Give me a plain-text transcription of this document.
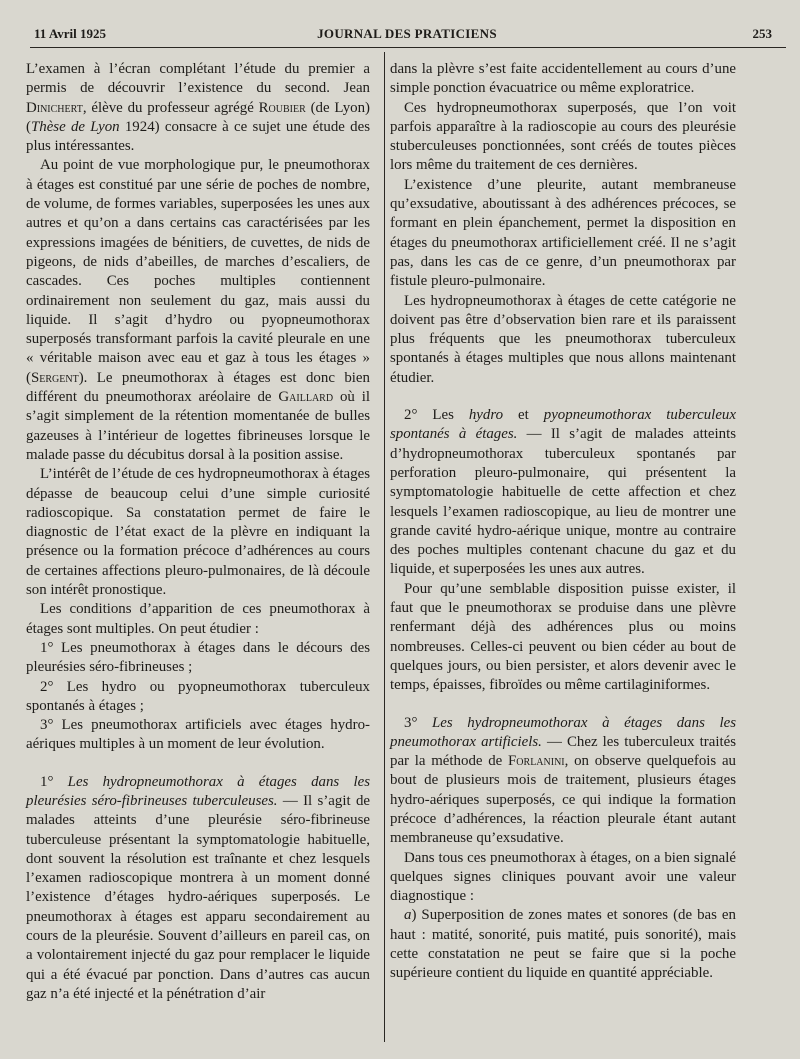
11 Avril 1925	JOURNAL DES PRATICIENS	253

L’examen à l’écran complétant l’étude du premier a permis de découvrir l’existence du second. Jean Dinichert, élève du professeur agrégé Roubier (de Lyon) (Thèse de Lyon 1924) consacre à ce sujet une étude des plus intéressantes.

Au point de vue morphologique pur, le pneumothorax à étages est constitué par une série de poches de nombre, de volume, de formes variables, superposées les unes aux autres et qu’on a dans certains cas caractérisées par les expressions imagées de bénitiers, de cuvettes, de nids de pigeons, de nids d’abeilles, de marches d’escaliers, de cascades. Ces poches multiples contiennent ordinairement non seulement du gaz, mais aussi du liquide. Il s’agit d’hydro ou pyopneumothorax superposés transformant parfois la cavité pleurale en une « véritable maison avec eau et gaz à tous les étages » (Sergent). Le pneumothorax à étages est donc bien différent du pneumothorax aréolaire de Gaillard où il s’agit simplement de la rétention momentanée de bulles gazeuses à l’intérieur de logettes fibrineuses lorsque le malade passe du décubitus dorsal à la position assise.

L’intérêt de l’étude de ces hydropneumothorax à étages dépasse de beaucoup celui d’une simple curiosité radioscopique. Sa constatation permet de faire le diagnostic de l’état exact de la plèvre en indiquant la présence ou la formation précoce d’adhérences au cours de certaines affections pleuro-pulmonaires, de là découle son intérêt pronostique.

Les conditions d’apparition de ces pneumothorax à étages sont multiples. On peut étudier :

1° Les pneumothorax à étages dans le décours des pleurésies séro-fibrineuses ;

2° Les hydro ou pyopneumothorax tuberculeux spontanés à étages ;

3° Les pneumothorax artificiels avec étages hydro-aériques multiples à un moment de leur évolution.

1° Les hydropneumothorax à étages dans les pleurésies séro-fibrineuses tuberculeuses. — Il s’agit de malades atteints d’une pleurésie séro-fibrineuse tuberculeuse présentant la symptomatologie habituelle, dont souvent la résolution est traînante et chez lesquels l’examen radioscopique montrera à un moment donné l’existence d’étages hydro-aériques superposés. Le pneumothorax à étages est apparu secondairement au cours de la pleurésie. Souvent d’ailleurs en pareil cas, on a volontairement injecté du gaz pour remplacer le liquide qui a été évacué par ponction. Dans d’autres cas aucun gaz n’a été injecté et la pénétration d’air

dans la plèvre s’est faite accidentellement au cours d’une simple ponction évacuatrice ou même exploratrice.

Ces hydropneumothorax superposés, que l’on voit parfois apparaître à la radioscopie au cours des pleurésie stuberculeuses ponctionnées, sont créés de toutes pièces lors même du traitement de ces dernières.

L’existence d’une pleurite, autant membraneuse qu’exsudative, aboutissant à des adhérences précoces, se formant en plein épanchement, permet la disposition en étages du pneumothorax artificiellement créé. Il ne s’agit pas, dans les cas de ce genre, d’un pneumothorax par fistule pleuro-pulmonaire.

Les hydropneumothorax à étages de cette catégorie ne doivent pas être d’observation bien rare et ils paraissent plus fréquents que les pneumothorax tuberculeux spontanés à étages multiples que nous allons maintenant étudier.

2° Les hydro et pyopneumothorax tuberculeux spontanés à étages. — Il s’agit de malades atteints d’hydropneumothorax tuberculeux spontanés par perforation pleuro-pulmonaire, qui présentent la symptomatologie habituelle de cette affection et chez lesquels l’examen radioscopique, au lieu de montrer une grande cavité hydro-aérique unique, montre au contraire des poches multiples contenant chacune du gaz et du liquide, et superposées les unes aux autres.

Pour qu’une semblable disposition puisse exister, il faut que le pneumothorax se produise dans une plèvre renfermant déjà des adhérences plus ou moins nombreuses. Celles-ci peuvent ou bien céder au bout de quelques jours, ou bien persister, et alors devenir avec le temps, épaisses, fibroïdes ou même cartilaginiformes.

3° Les hydropneumothorax à étages dans les pneumothorax artificiels. — Chez les tuberculeux traités par la méthode de Forlanini, on observe quelquefois au bout de plusieurs mois de traitement, plusieurs étages hydro-aériques superposés, ce qui indique la formation précoce d’adhérences, la réaction pleurale étant autant membraneuse qu’exsudative.

Dans tous ces pneumothorax à étages, on a bien signalé quelques signes cliniques pouvant avoir une valeur diagnostique :

a) Superposition de zones mates et sonores (de bas en haut : matité, sonorité, puis matité, puis sonorité), mais cette constatation ne peut se faire que si la poche supérieure contient du liquide en quantité appréciable.
